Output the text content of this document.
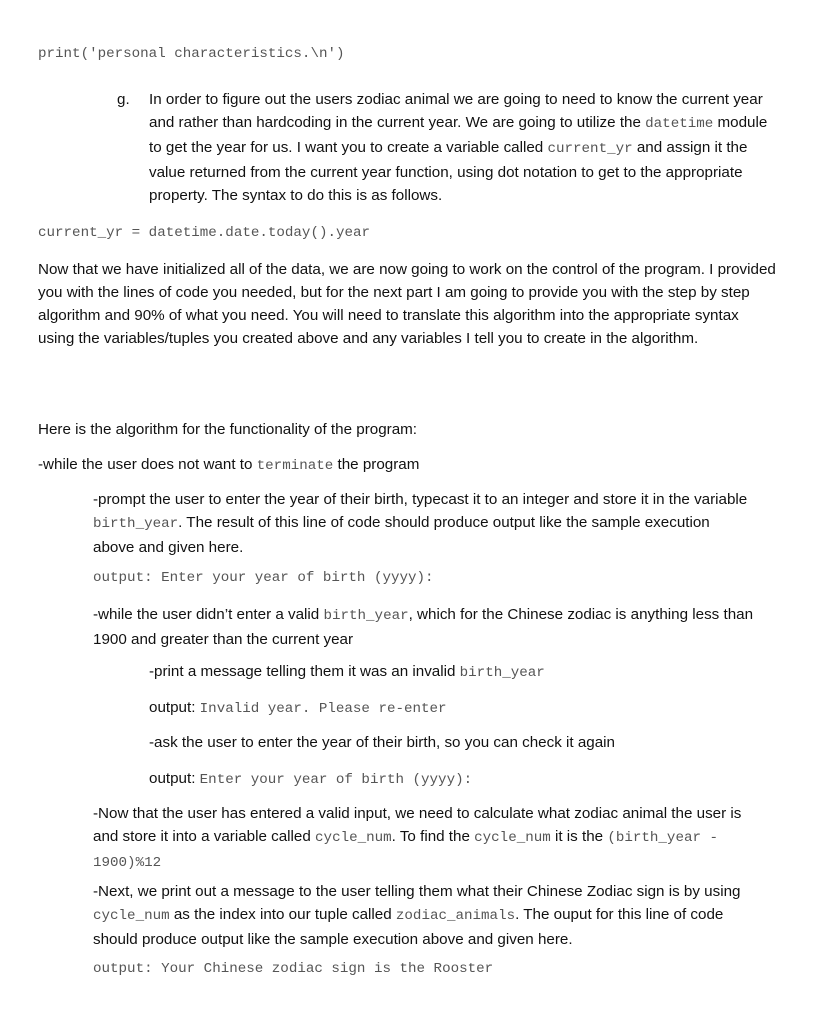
print('personal characteristics.\n')
g. In order to figure out the users zodiac animal we are going to need to know the current year and rather than hardcoding in the current year. We are going to utilize the datetime module to get the year for us. I want you to create a variable called current_yr and assign it the value returned from the current year function, using dot notation to get to the appropriate property. The syntax to do this is as follows.

current_yr = datetime.date.today().year

Now that we have initialized all of the data, we are now going to work on the control of the program. I provided you with the lines of code you needed, but for the next part I am going to provide you with the step by step algorithm and 90% of what you need. You will need to translate this algorithm into the appropriate syntax using the variables/tuples you created above and any variables I tell you to create in the algorithm.

Here is the algorithm for the functionality of the program:

-while the user does not want to terminate the program

-prompt the user to enter the year of their birth, typecast it to an integer and store it in the variable birth_year. The result of this line of code should produce output like the sample execution above and given here.

output: Enter your year of birth (yyyy):

-while the user didn’t enter a valid birth_year, which for the Chinese zodiac is anything less than 1900 and greater than the current year

-print a message telling them it was an invalid birth_year

output: Invalid year. Please re-enter

-ask the user to enter the year of their birth, so you can check it again

output: Enter your year of birth (yyyy):

-Now that the user has entered a valid input, we need to calculate what zodiac animal the user is and store it into a variable called cycle_num. To find the cycle_num it is the (birth_year - 1900)%12

-Next, we print out a message to the user telling them what their Chinese Zodiac sign is by using cycle_num as the index into our tuple called zodiac_animals. The ouput for this line of code should produce output like the sample execution above and given here.

output: Your Chinese zodiac sign is the Rooster
